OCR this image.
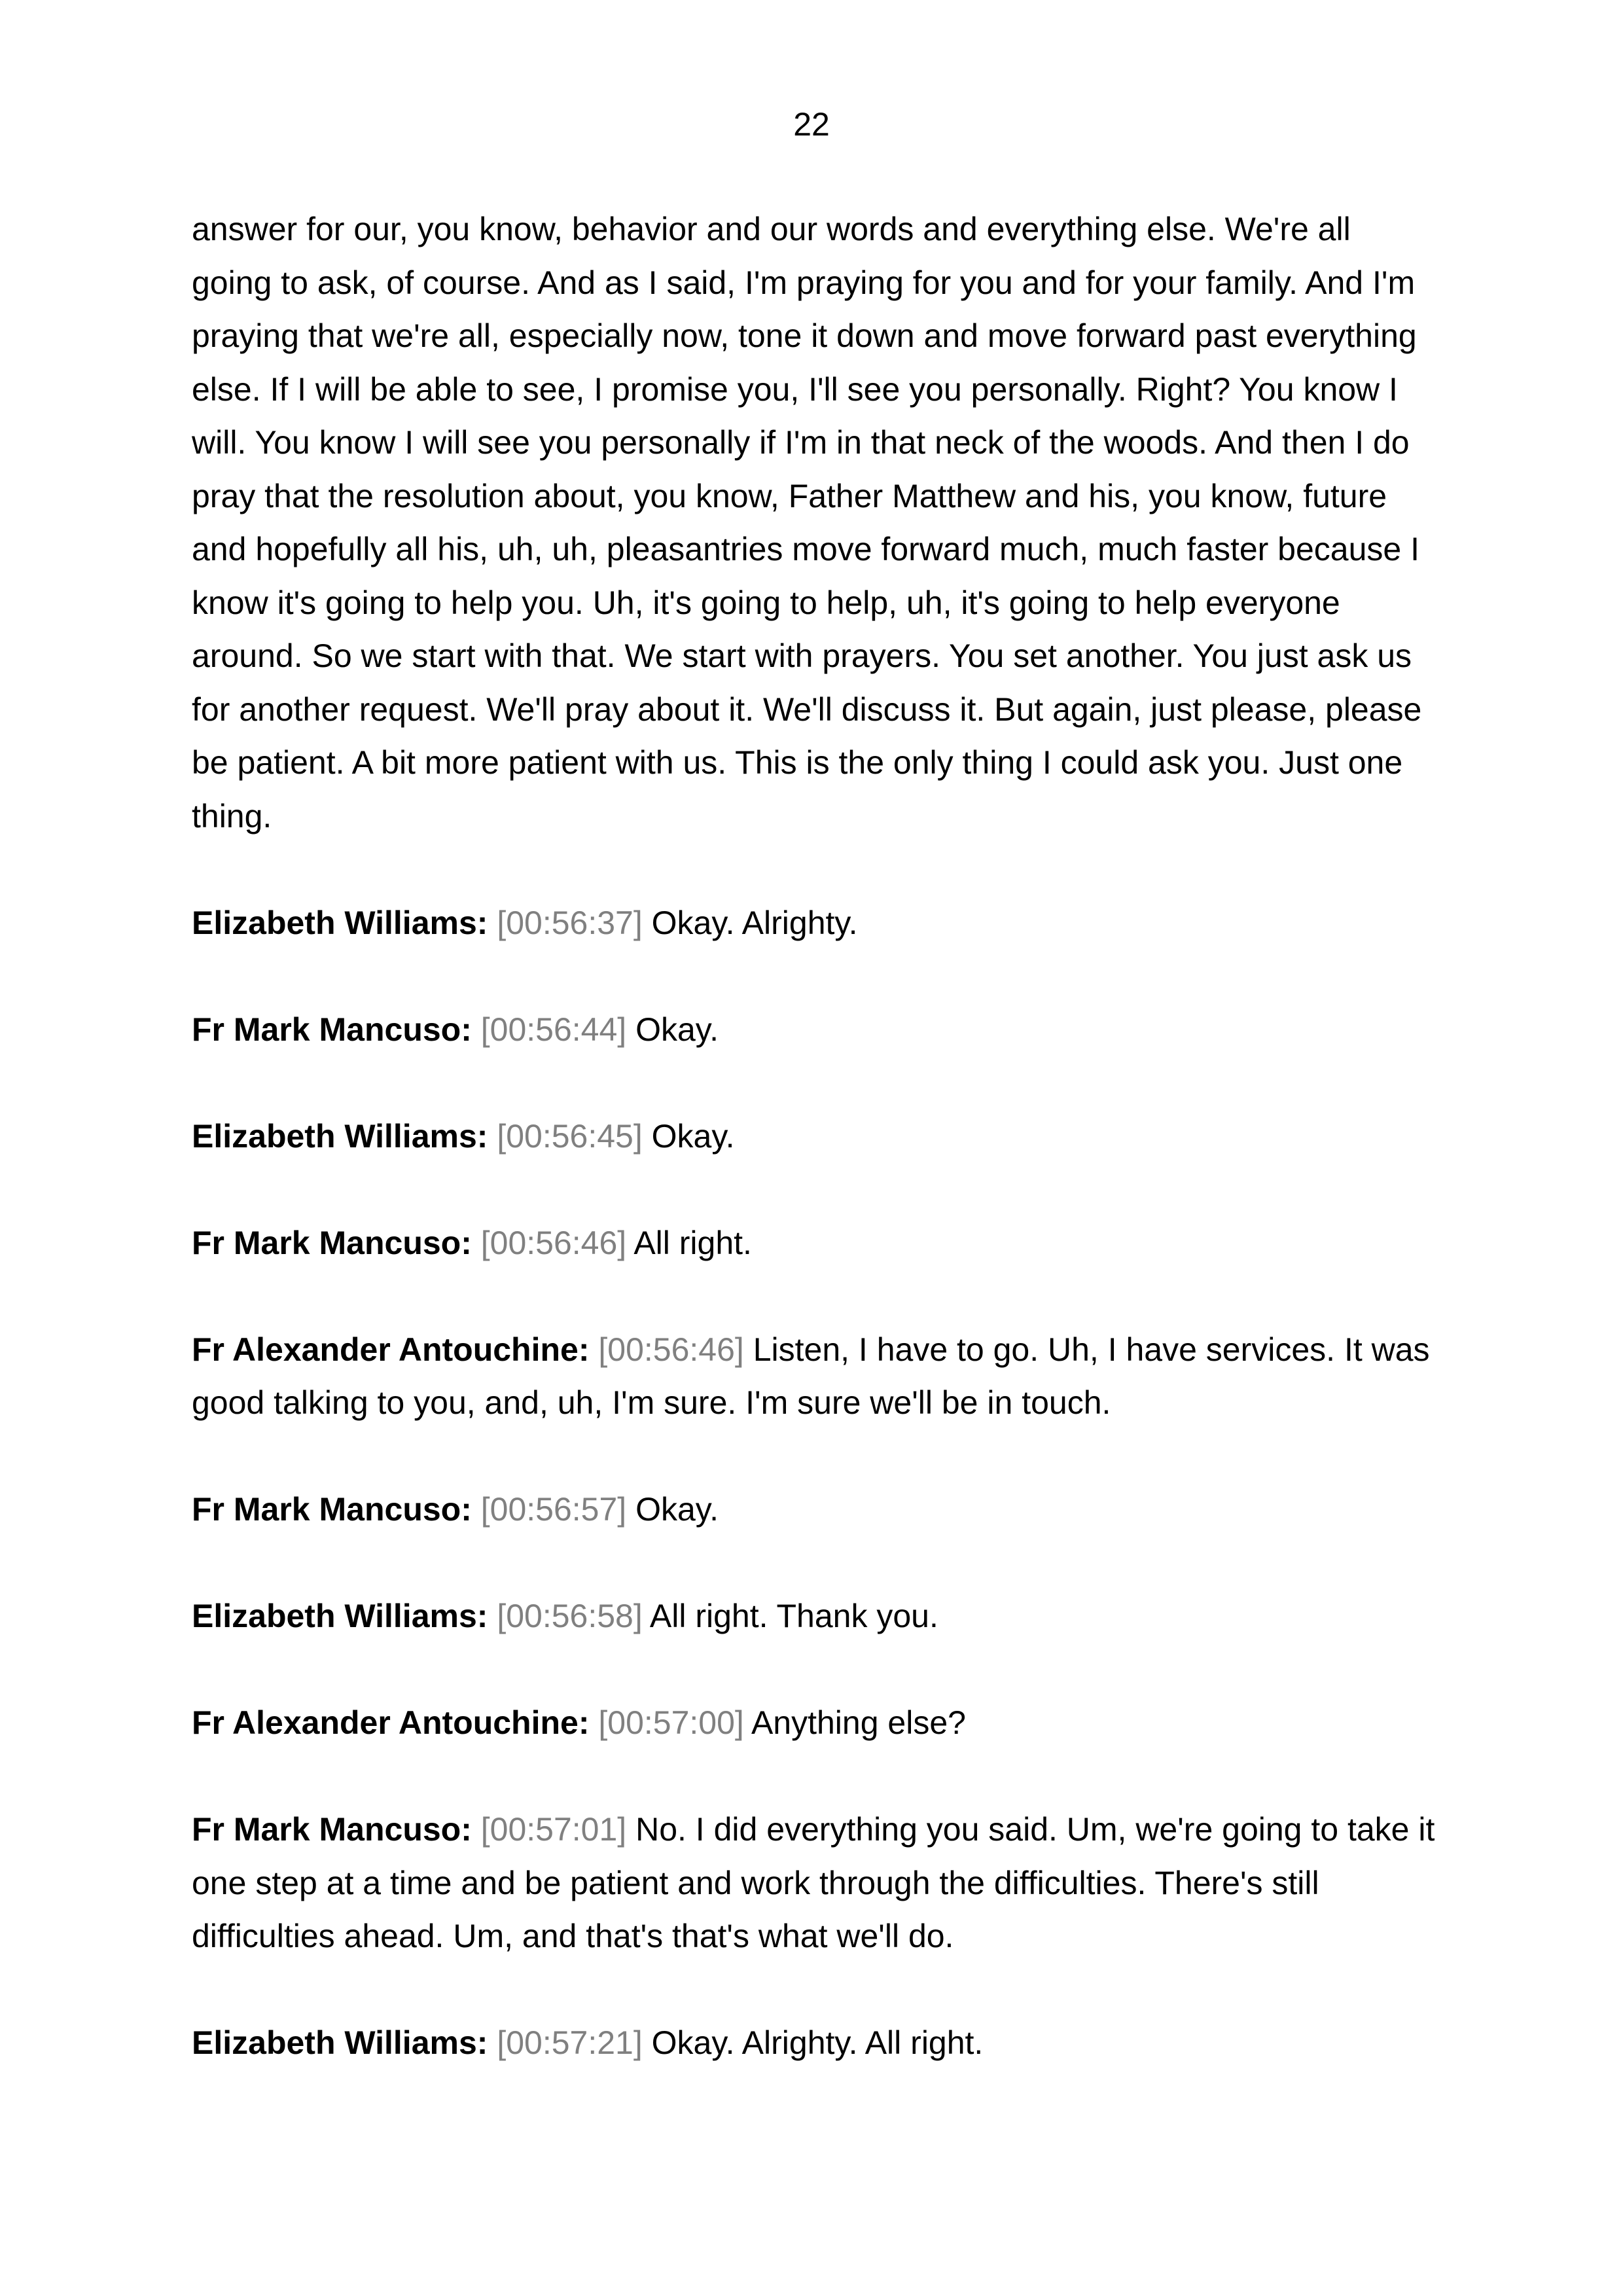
22

answer for our, you know, behavior and our words and everything else. We're all going to ask, of course. And as I said, I'm praying for you and for your family. And I'm praying that we're all, especially now, tone it down and move forward past everything else. If I will be able to see, I promise you, I'll see you personally. Right? You know I will. You know I will see you personally if I'm in that neck of the woods. And then I do pray that the resolution about, you know, Father Matthew and his, you know, future and hopefully all his, uh, uh, pleasantries move forward much, much faster because I know it's going to help you. Uh, it's going to help, uh, it's going to help everyone around. So we start with that. We start with prayers. You set another. You just ask us for another request. We'll pray about it. We'll discuss it. But again, just please, please be patient. A bit more patient with us. This is the only thing I could ask you. Just one thing.

Elizabeth Williams: [00:56:37] Okay. Alrighty.

Fr Mark Mancuso: [00:56:44] Okay.

Elizabeth Williams: [00:56:45] Okay.

Fr Mark Mancuso: [00:56:46] All right.

Fr Alexander Antouchine: [00:56:46] Listen, I have to go. Uh, I have services. It was good talking to you, and, uh, I'm sure. I'm sure we'll be in touch.

Fr Mark Mancuso: [00:56:57] Okay.

Elizabeth Williams: [00:56:58] All right. Thank you.

Fr Alexander Antouchine: [00:57:00] Anything else?

Fr Mark Mancuso: [00:57:01] No. I did everything you said. Um, we're going to take it one step at a time and be patient and work through the difficulties. There's still difficulties ahead. Um, and that's that's what we'll do.

Elizabeth Williams: [00:57:21] Okay. Alrighty. All right.
